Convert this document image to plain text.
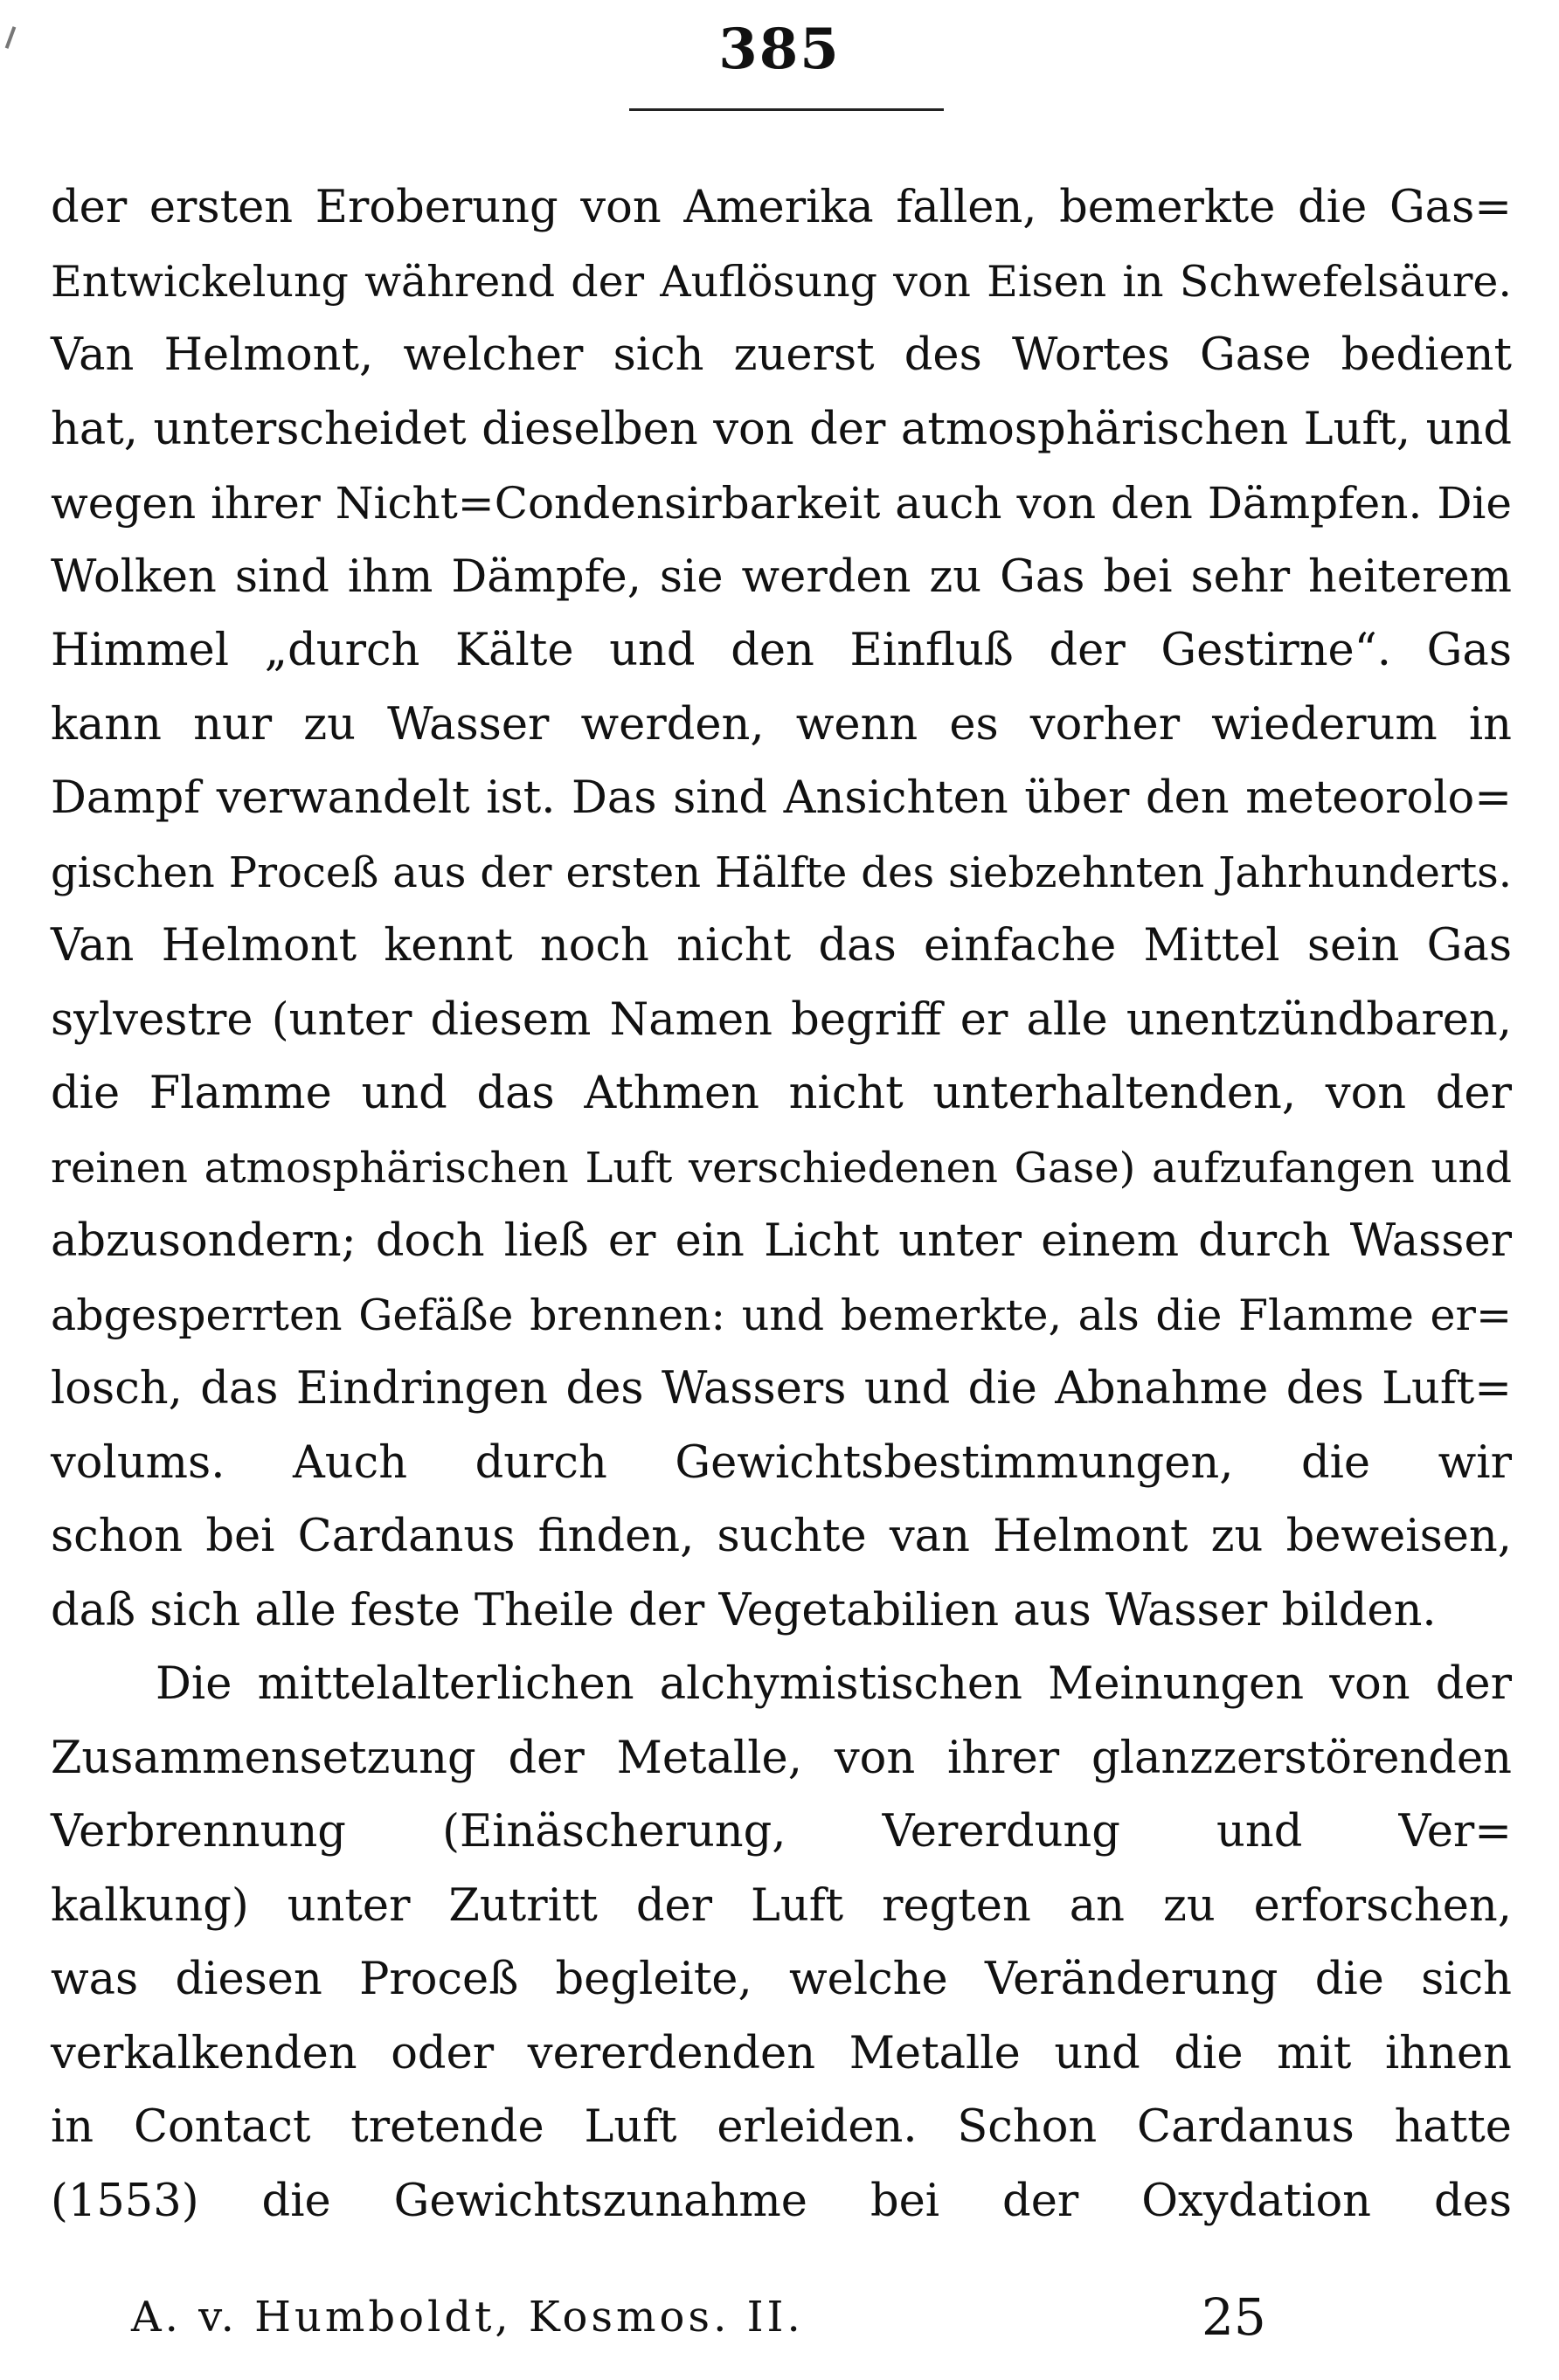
385
der ersten Eroberung von Amerika fallen, bemerkte die Gas=
Entwickelung während der Auflösung von Eisen in Schwefelsäure.
Van Helmont, welcher sich zuerst des Wortes Gase bedient
hat, unterscheidet dieselben von der atmosphärischen Luft, und
wegen ihrer Nicht=Condensirbarkeit auch von den Dämpfen. Die
Wolken sind ihm Dämpfe, sie werden zu Gas bei sehr heiterem
Himmel „durch Kälte und den Einfluß der Gestirne“. Gas
kann nur zu Wasser werden, wenn es vorher wiederum in
Dampf verwandelt ist. Das sind Ansichten über den meteorolo=
gischen Proceß aus der ersten Hälfte des siebzehnten Jahrhunderts.
Van Helmont kennt noch nicht das einfache Mittel sein Gas
sylvestre (unter diesem Namen begriff er alle unentzündbaren,
die Flamme und das Athmen nicht unterhaltenden, von der
reinen atmosphärischen Luft verschiedenen Gase) aufzufangen und
abzusondern; doch ließ er ein Licht unter einem durch Wasser
abgesperrten Gefäße brennen: und bemerkte, als die Flamme er=
losch, das Eindringen des Wassers und die Abnahme des Luft=
volums. Auch durch Gewichtsbestimmungen, die wir
schon bei Cardanus finden, suchte van Helmont zu beweisen,
daß sich alle feste Theile der Vegetabilien aus Wasser bilden.
Die mittelalterlichen alchymistischen Meinungen von der
Zusammensetzung der Metalle, von ihrer glanzzerstörenden
Verbrennung (Einäscherung, Vererdung und Ver=
kalkung) unter Zutritt der Luft regten an zu erforschen,
was diesen Proceß begleite, welche Veränderung die sich
verkalkenden oder vererdenden Metalle und die mit ihnen
in Contact tretende Luft erleiden. Schon Cardanus hatte
(1553) die Gewichtszunahme bei der Oxydation des
A. v. Humboldt, Kosmos. II.	25
